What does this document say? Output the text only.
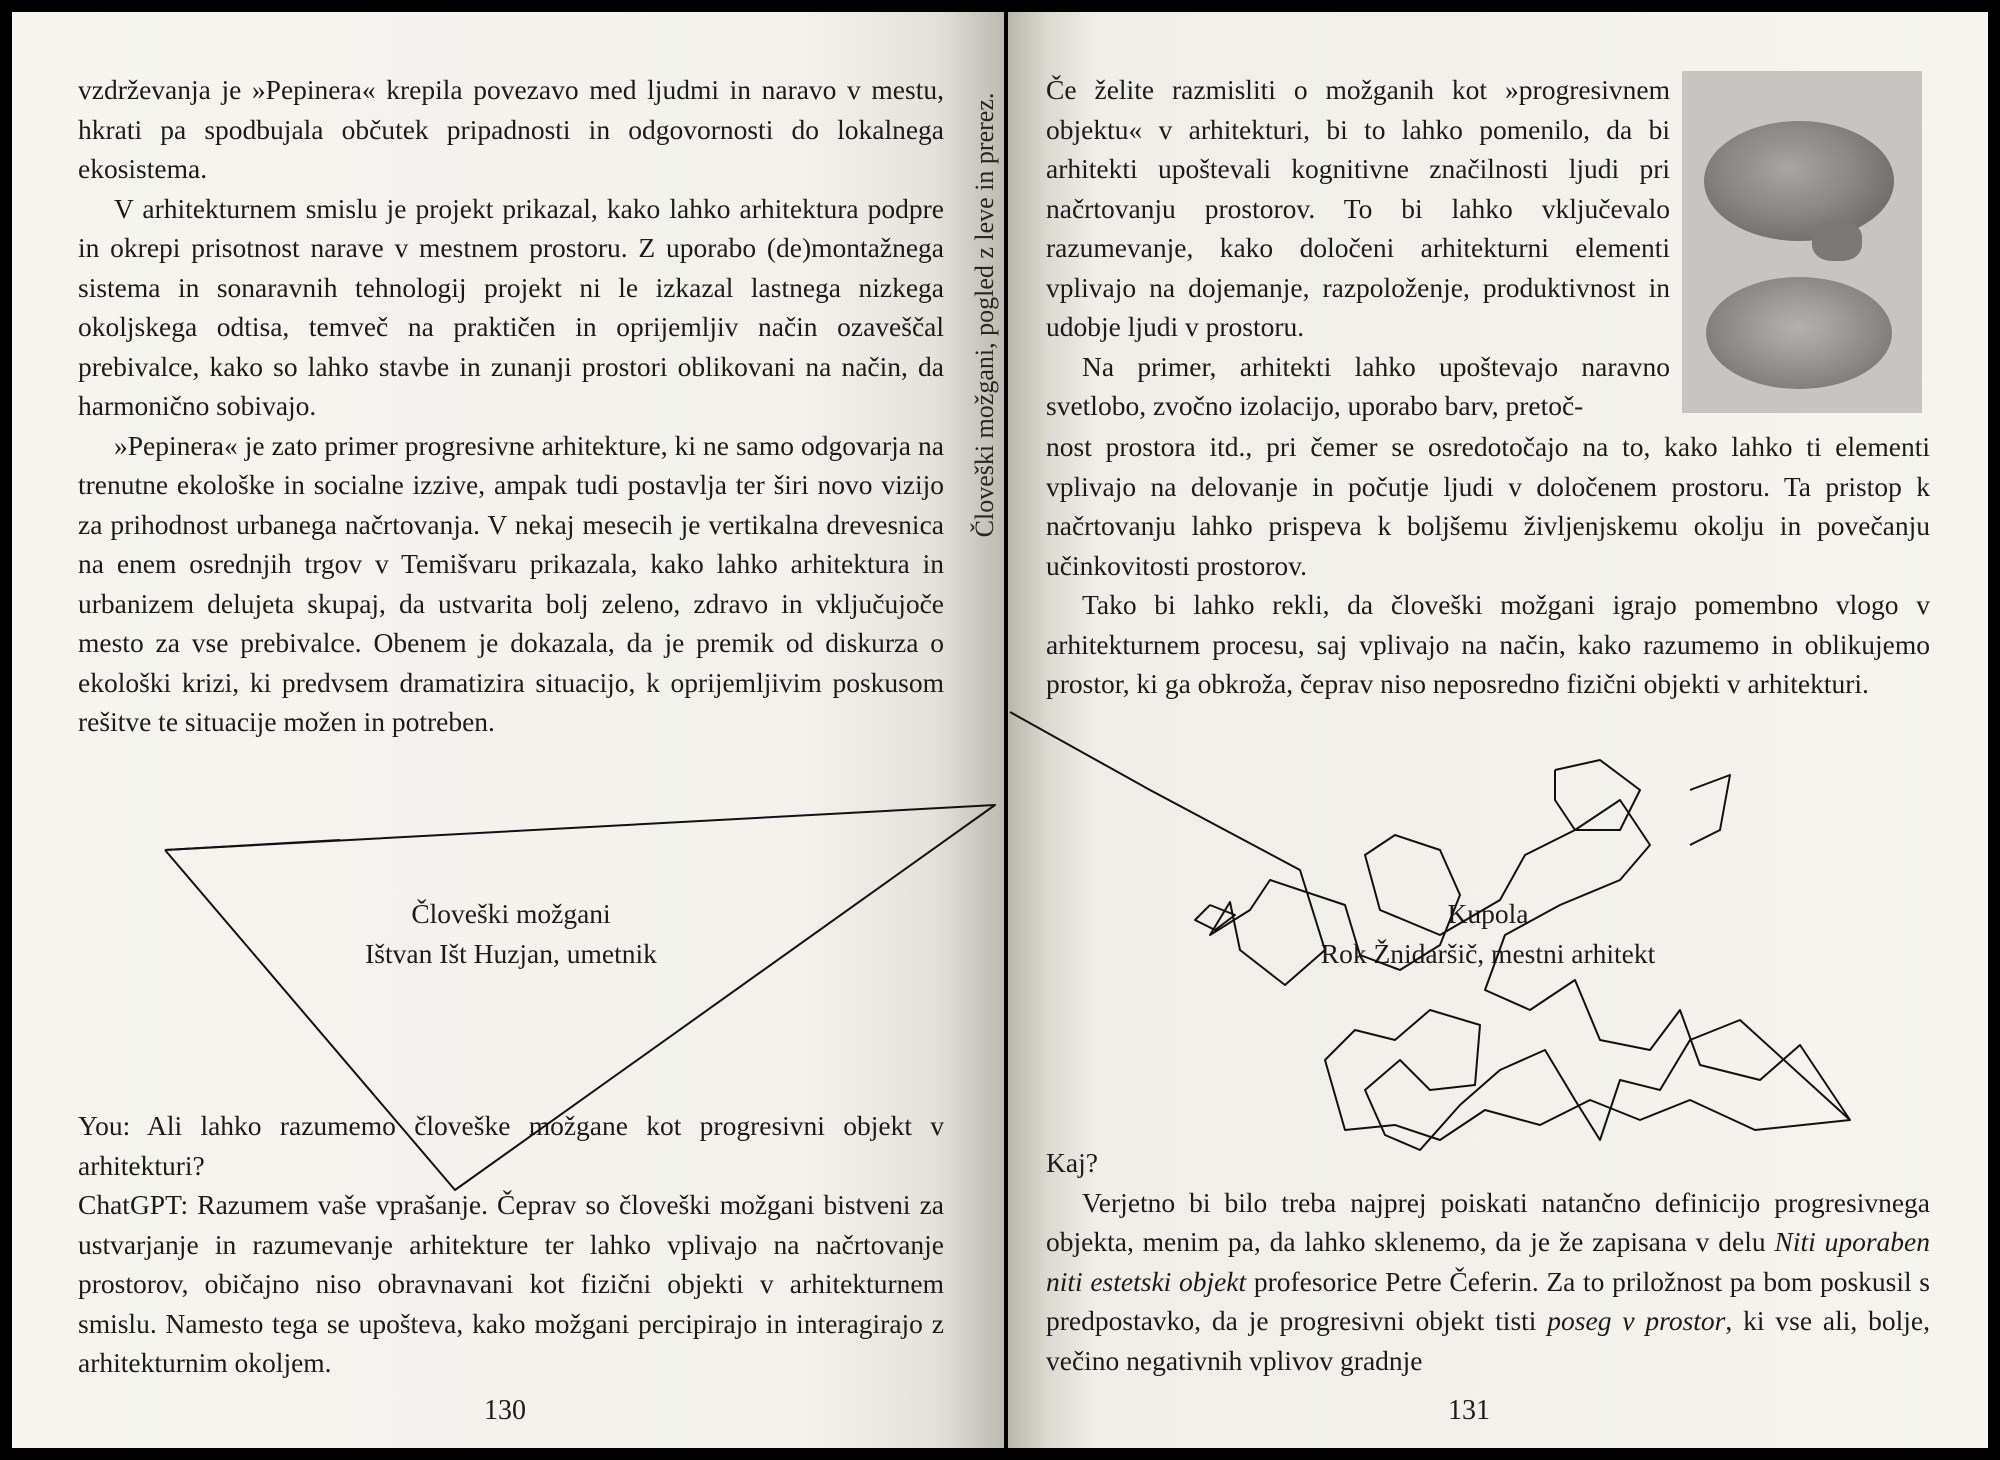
vzdrževanja je »Pepinera« krepila povezavo med ljudmi in naravo v mestu, hkrati pa spodbujala občutek pripadnosti in odgovornosti do lokalnega ekosistema.

V arhitekturnem smislu je projekt prikazal, kako lahko arhitektura podpre in okrepi prisotnost narave v mestnem prostoru. Z uporabo (de)montažnega sistema in sonaravnih tehnologij projekt ni le izkazal lastnega nizkega okoljskega odtisa, temveč na praktičen in oprijemljiv način ozaveščal prebivalce, kako so lahko stavbe in zunanji prostori oblikovani na način, da harmonično sobivajo.

»Pepinera« je zato primer progresivne arhitekture, ki ne samo odgovarja na trenutne ekološke in socialne izzive, ampak tudi postavlja ter širi novo vizijo za prihodnost urbanega načrtovanja. V nekaj mesecih je vertikalna drevesnica na enem osrednjih trgov v Temišvaru prikazala, kako lahko arhitektura in urbanizem delujeta skupaj, da ustvarita bolj zeleno, zdravo in vključujoče mesto za vse prebivalce. Obenem je dokazala, da je premik od diskurza o ekološki krizi, ki predvsem dramatizira situacijo, k oprijemljivim poskusom rešitve te situacije možen in potreben.

Človeški možgani
Ištvan Išt Huzjan, umetnik

You: Ali lahko razumemo človeške možgane kot progresivni objekt v arhitekturi?

ChatGPT: Razumem vaše vprašanje. Čeprav so človeški možgani bistveni za ustvarjanje in razumevanje arhitekture ter lahko vplivajo na načrtovanje prostorov, običajno niso obravnavani kot fizični objekti v arhitekturnem smislu. Namesto tega se upošteva, kako možgani percipirajo in interagirajo z arhitekturnim okoljem.

130

Če želite razmisliti o možganih kot »progresivnem objektu« v arhitekturi, bi to lahko pomenilo, da bi arhitekti upoštevali kognitivne značilnosti ljudi pri načrtovanju prostorov. To bi lahko vključevalo razumevanje, kako določeni arhitekturni elementi vplivajo na dojemanje, razpoloženje, produktivnost in udobje ljudi v prostoru.

Na primer, arhitekti lahko upoštevajo naravno svetlobo, zvočno izolacijo, uporabo barv, pretoč-

nost prostora itd., pri čemer se osredotočajo na to, kako lahko ti elementi vplivajo na delovanje in počutje ljudi v določenem prostoru. Ta pristop k načrtovanju lahko prispeva k boljšemu življenjskemu okolju in povečanju učinkovitosti prostorov.

Tako bi lahko rekli, da človeški možgani igrajo pomembno vlogo v arhitekturnem procesu, saj vplivajo na način, kako razumemo in oblikujemo prostor, ki ga obkroža, čeprav niso neposredno fizični objekti v arhitekturi.

Kupola
Rok Žnidaršič, mestni arhitekt

Kaj?

Verjetno bi bilo treba najprej poiskati natančno definicijo progresivnega objekta, menim pa, da lahko sklenemo, da je že zapisana v delu Niti uporaben niti estetski objekt profesorice Petre Čeferin. Za to priložnost pa bom poskusil s predpostavko, da je progresivni objekt tisti poseg v prostor, ki vse ali, bolje, večino negativnih vplivov gradnje

131
Človeški možgani, pogled z leve in prerez.
